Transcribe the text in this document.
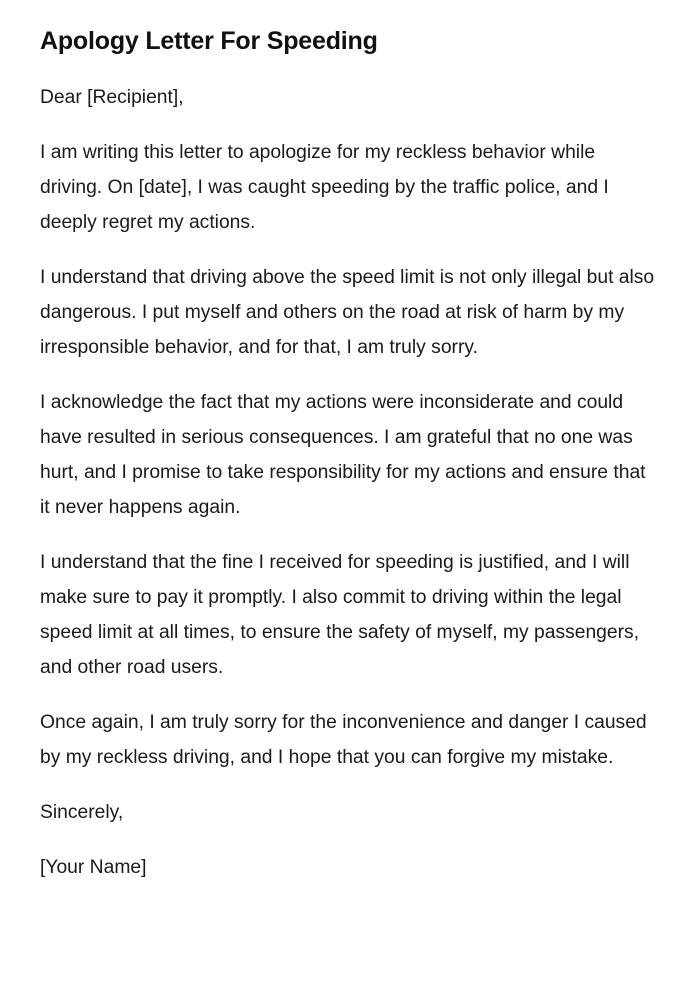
Apology Letter For Speeding

Dear [Recipient],

I am writing this letter to apologize for my reckless behavior while driving. On [date], I was caught speeding by the traffic police, and I deeply regret my actions.

I understand that driving above the speed limit is not only illegal but also dangerous. I put myself and others on the road at risk of harm by my irresponsible behavior, and for that, I am truly sorry.

I acknowledge the fact that my actions were inconsiderate and could have resulted in serious consequences. I am grateful that no one was hurt, and I promise to take responsibility for my actions and ensure that it never happens again.

I understand that the fine I received for speeding is justified, and I will make sure to pay it promptly. I also commit to driving within the legal speed limit at all times, to ensure the safety of myself, my passengers, and other road users.

Once again, I am truly sorry for the inconvenience and danger I caused by my reckless driving, and I hope that you can forgive my mistake.

Sincerely,

[Your Name]
